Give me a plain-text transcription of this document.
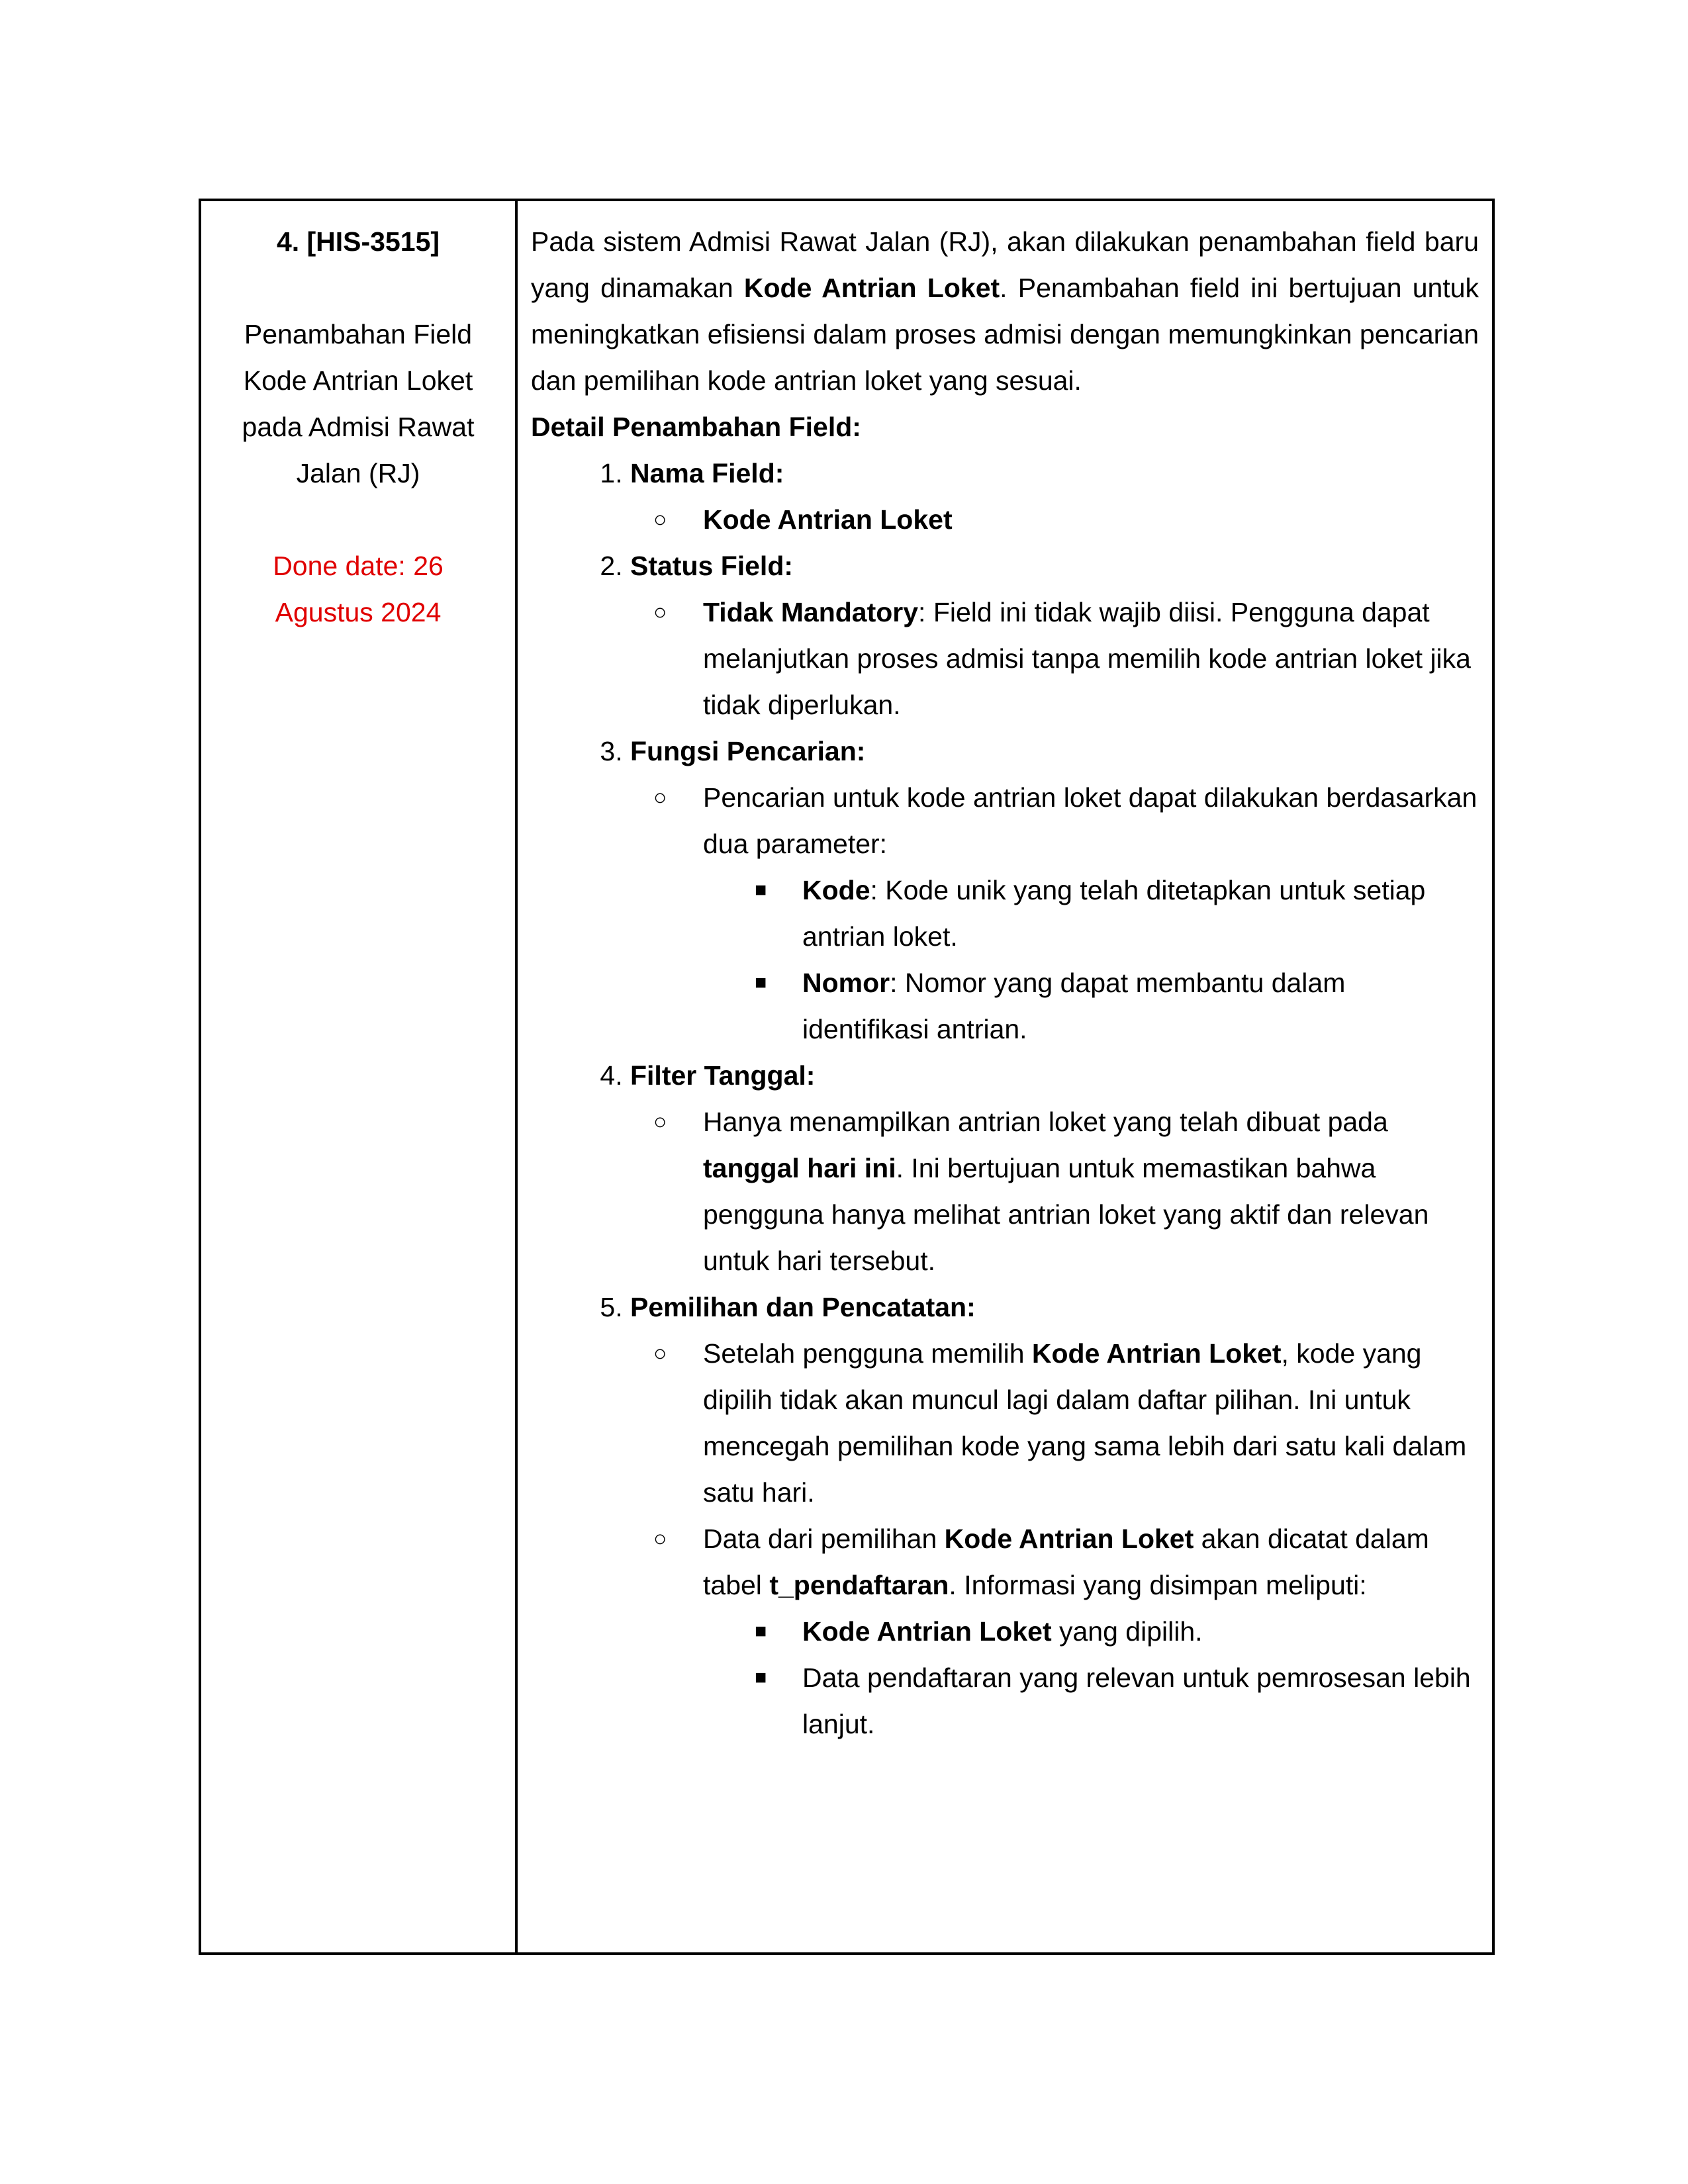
4. [HIS-3515]
Penambahan Field Kode Antrian Loket pada Admisi Rawat Jalan (RJ)
Done date: 26 Agustus 2024

Pada sistem Admisi Rawat Jalan (RJ), akan dilakukan penambahan field baru yang dinamakan Kode Antrian Loket. Penambahan field ini bertujuan untuk meningkatkan efisiensi dalam proses admisi dengan memungkinkan pencarian dan pemilihan kode antrian loket yang sesuai.

Detail Penambahan Field:

1. Nama Field:
○ Kode Antrian Loket
2. Status Field:
○ Tidak Mandatory: Field ini tidak wajib diisi. Pengguna dapat melanjutkan proses admisi tanpa memilih kode antrian loket jika tidak diperlukan.
3. Fungsi Pencarian:
○ Pencarian untuk kode antrian loket dapat dilakukan berdasarkan dua parameter:
■ Kode: Kode unik yang telah ditetapkan untuk setiap antrian loket.
■ Nomor: Nomor yang dapat membantu dalam identifikasi antrian.
4. Filter Tanggal:
○ Hanya menampilkan antrian loket yang telah dibuat pada tanggal hari ini. Ini bertujuan untuk memastikan bahwa pengguna hanya melihat antrian loket yang aktif dan relevan untuk hari tersebut.
5. Pemilihan dan Pencatatan:
○ Setelah pengguna memilih Kode Antrian Loket, kode yang dipilih tidak akan muncul lagi dalam daftar pilihan. Ini untuk mencegah pemilihan kode yang sama lebih dari satu kali dalam satu hari.
○ Data dari pemilihan Kode Antrian Loket akan dicatat dalam tabel t_pendaftaran. Informasi yang disimpan meliputi:
■ Kode Antrian Loket yang dipilih.
■ Data pendaftaran yang relevan untuk pemrosesan lebih lanjut.
